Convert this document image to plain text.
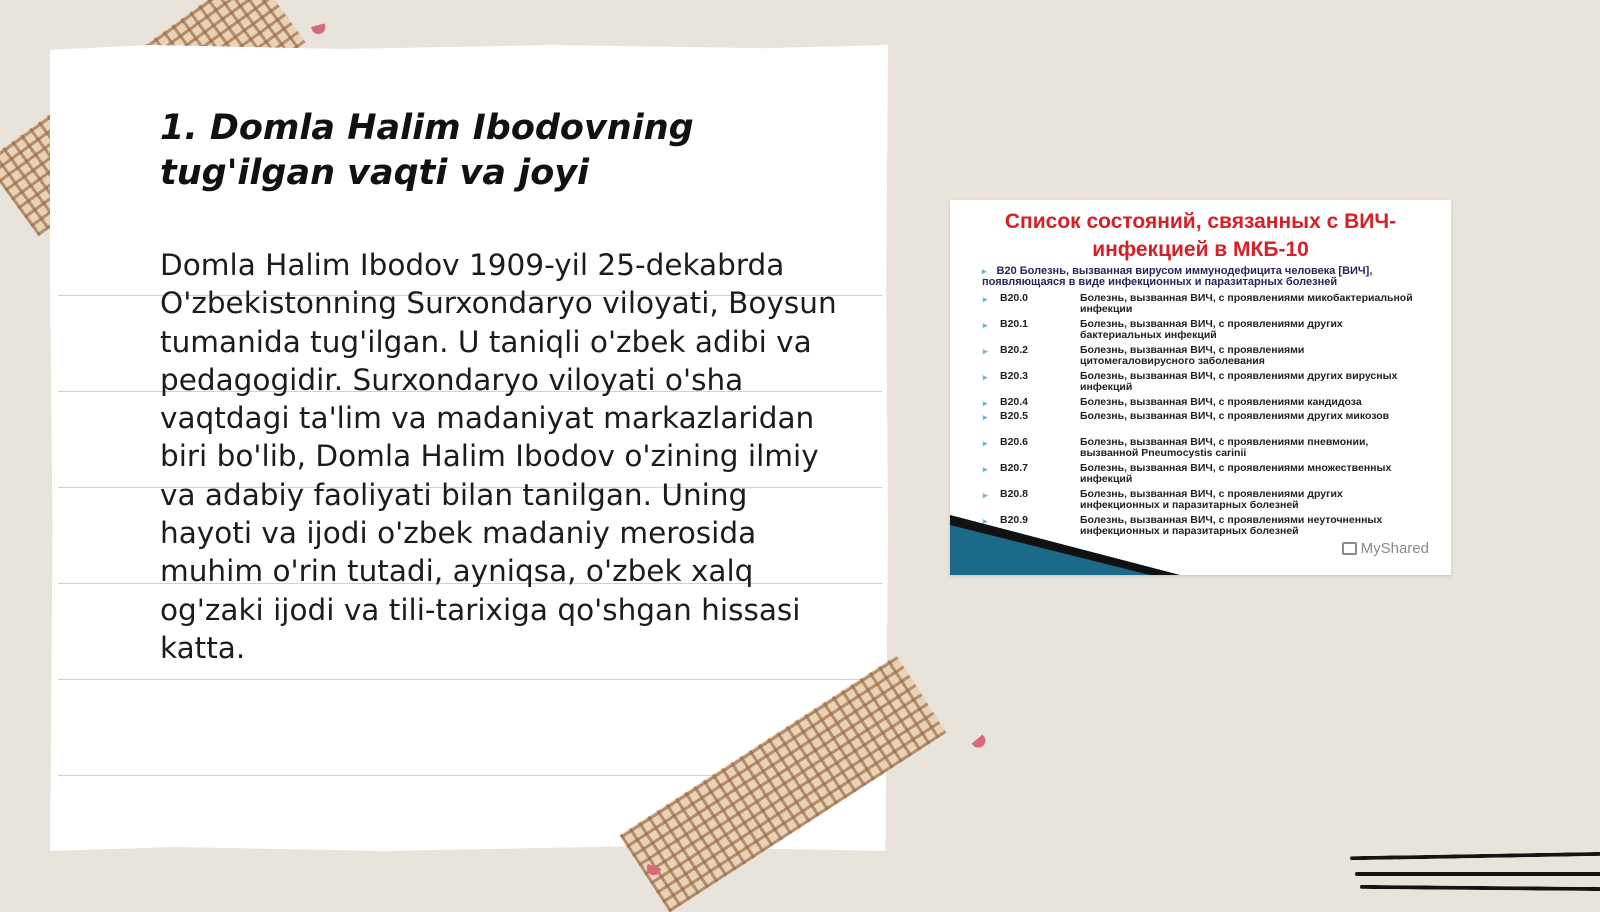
1. Domla Halim Ibodovning tug'ilgan vaqti va joyi

Domla Halim Ibodov 1909-yil 25-dekabrda O'zbekistonning Surxondaryo viloyati, Boysun tumanida tug'ilgan. U taniqli o'zbek adibi va pedagogidir. Surxondaryo viloyati o'sha vaqtdagi ta'lim va madaniyat markazlaridan biri bo'lib, Domla Halim Ibodov o'zining ilmiy va adabiy faoliyati bilan tanilgan. Uning hayoti va ijodi o'zbek madaniy merosida muhim o'rin tutadi, ayniqsa, o'zbek xalq og'zaki ijodi va tili-tarixiga qo'shgan hissasi katta.

Список состояний, связанных с ВИЧ-инфекцией в МКБ-10
▸ B20 Болезнь, вызванная вирусом иммунодефицита человека [ВИЧ], появляющаяся в виде инфекционных и паразитарных болезней
▸ B20.0	Болезнь, вызванная ВИЧ, с проявлениями микобактериальной инфекции
▸ B20.1	Болезнь, вызванная ВИЧ, с проявлениями других бактериальных инфекций
▸ B20.2	Болезнь, вызванная ВИЧ, с проявлениями цитомегаловирусного заболевания
▸ B20.3	Болезнь, вызванная ВИЧ, с проявлениями других вирусных инфекций
▸ B20.4	Болезнь, вызванная ВИЧ, с проявлениями кандидоза
▸ B20.5	Болезнь, вызванная ВИЧ, с проявлениями других микозов
▸ B20.6	Болезнь, вызванная ВИЧ, с проявлениями пневмонии, вызванной Pneumocystis carinii
▸ B20.7	Болезнь, вызванная ВИЧ, с проявлениями множественных инфекций
▸ B20.8	Болезнь, вызванная ВИЧ, с проявлениями других инфекционных и паразитарных болезней
▸ B20.9	Болезнь, вызванная ВИЧ, с проявлениями неуточненных инфекционных и паразитарных болезней
MyShared
